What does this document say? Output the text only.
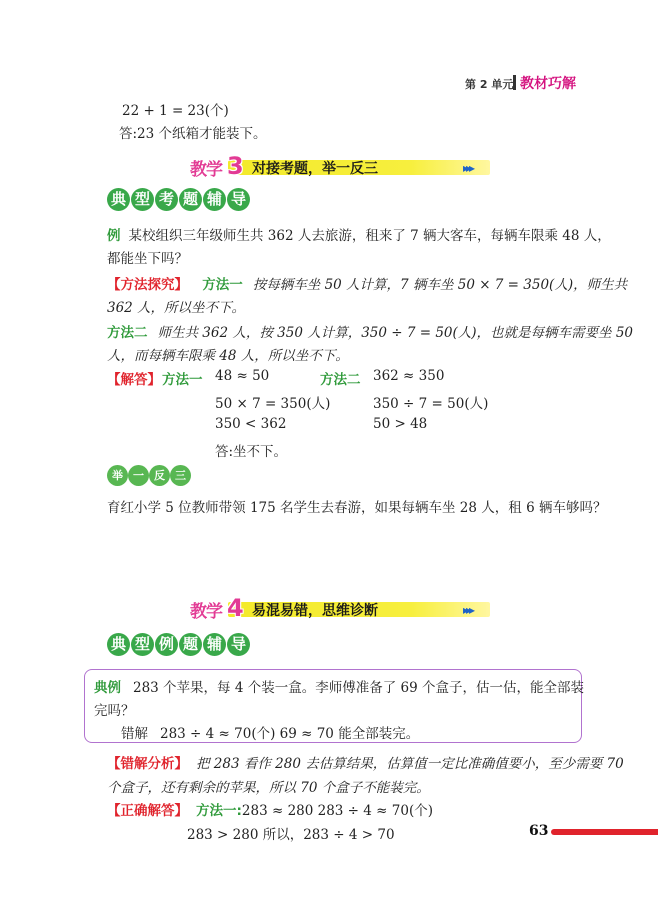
第 2 单元 教材巧解
22 + 1 = 23(个)
答:23 个纸箱才能装下。
教学 3 对接考题，举一反三	▸▸▸
典 型 考 题 辅 导
例 某校组织三年级师生共 362 人去旅游，租来了 7 辆大客车，每辆车限乘 48 人，
都能坐下吗？
【方法探究】 方法一 按每辆车坐 50 人计算，7 辆车坐 50 × 7 = 350(人)，师生共
362 人，所以坐不下。
方法二 师生共 362 人，按 350 人计算，350 ÷ 7 = 50(人)，也就是每辆车需要坐 50
人，而每辆车限乘 48 人，所以坐不下。
【解答】 方法一 48 ≈ 50
50 × 7 = 350(人)
350 < 362
答:坐不下。
方法二 362 ≈ 350
350 ÷ 7 = 50(人)
50 > 48
举 一 反 三
育红小学 5 位教师带领 175 名学生去春游，如果每辆车坐 28 人，租 6 辆车够吗？
教学 4 易混易错，思维诊断	▸▸▸
典 型 例 题 辅 导
典例 283 个苹果，每 4 个装一盒。李师傅准备了 69 个盒子，估一估，能全部装
完吗？
错解 283 ÷ 4 ≈ 70(个) 69 ≈ 70 能全部装完。
【错解分析】 把 283 看作 280 去估算结果，估算值一定比准确值要小，至少需要 70
个盒子，还有剩余的苹果，所以 70 个盒子不能装完。
【正确解答】 方法一:283 ≈ 280 283 ÷ 4 ≈ 70(个)
283 > 280 所以，283 ÷ 4 > 70	63
